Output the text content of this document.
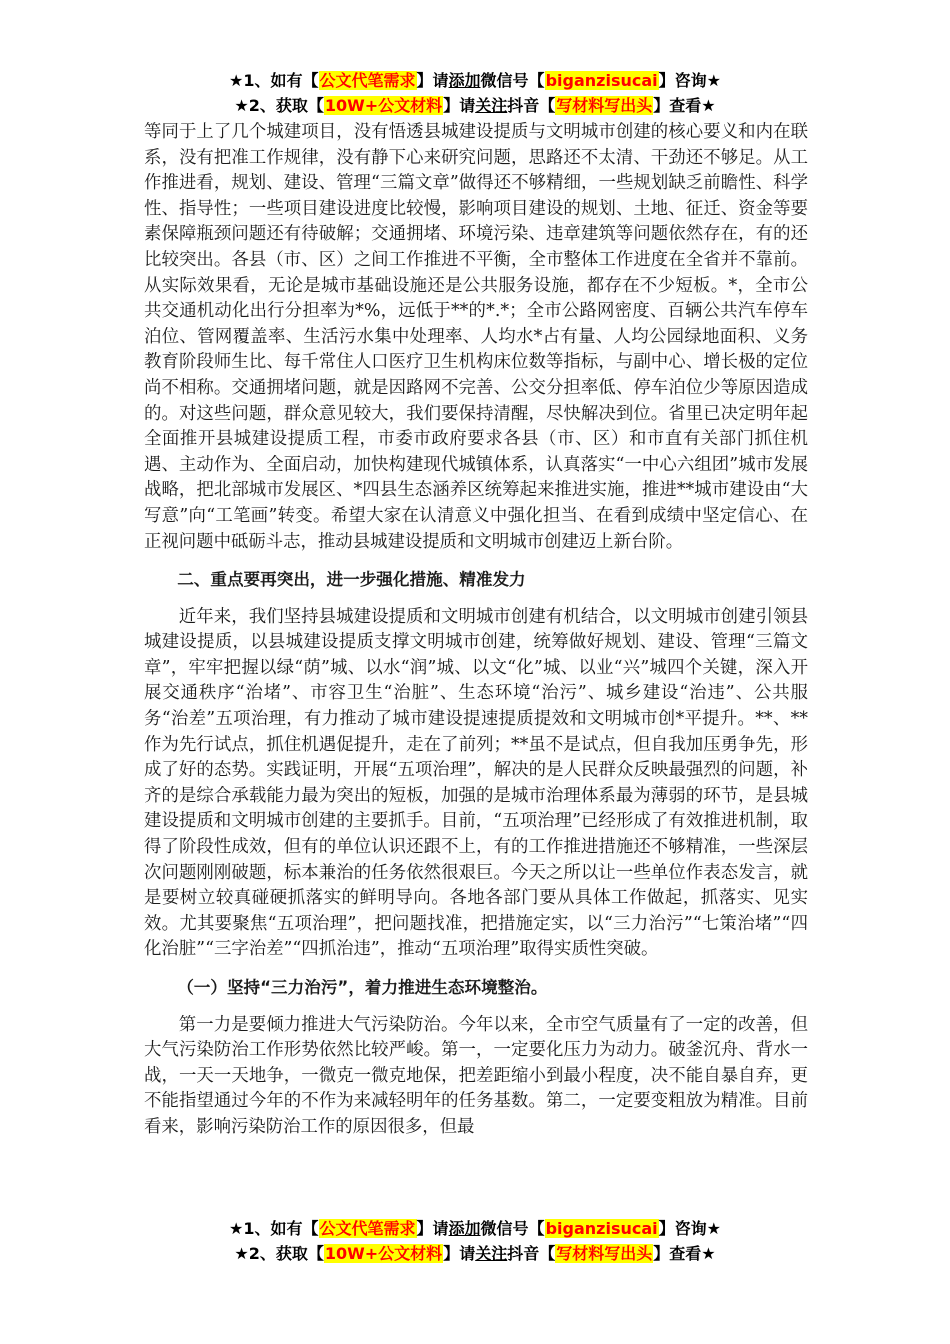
★1、如有【公文代笔需求】请添加微信号【biganzisucai】咨询★
★2、获取【10W+公文材料】请关注抖音【写材料写出头】查看★

等同于上了几个城建项目，没有悟透县城建设提质与文明城市创建的核心要义和内在联系，没有把准工作规律，没有静下心来研究问题，思路还不太清、干劲还不够足。从工作推进看，规划、建设、管理“三篇文章”做得还不够精细，一些规划缺乏前瞻性、科学性、指导性；一些项目建设进度比较慢，影响项目建设的规划、土地、征迁、资金等要素保障瓶颈问题还有待破解；交通拥堵、环境污染、违章建筑等问题依然存在，有的还比较突出。各县（市、区）之间工作推进不平衡，全市整体工作进度在全省并不靠前。从实际效果看，无论是城市基础设施还是公共服务设施，都存在不少短板。*，全市公共交通机动化出行分担率为*%，远低于**的*.*；全市公路网密度、百辆公共汽车停车泊位、管网覆盖率、生活污水集中处理率、人均水*占有量、人均公园绿地面积、义务教育阶段师生比、每千常住人口医疗卫生机构床位数等指标，与副中心、增长极的定位尚不相称。交通拥堵问题，就是因路网不完善、公交分担率低、停车泊位少等原因造成的。对这些问题，群众意见较大，我们要保持清醒，尽快解决到位。省里已决定明年起全面推开县城建设提质工程，市委市政府要求各县（市、区）和市直有关部门抓住机遇、主动作为、全面启动，加快构建现代城镇体系，认真落实“一中心六组团”城市发展战略，把北部城市发展区、*四县生态涵养区统筹起来推进实施，推进**城市建设由“大写意”向“工笔画”转变。希望大家在认清意义中强化担当、在看到成绩中坚定信心、在正视问题中砥砺斗志，推动县城建设提质和文明城市创建迈上新台阶。

二、重点要再突出，进一步强化措施、精准发力

近年来，我们坚持县城建设提质和文明城市创建有机结合，以文明城市创建引领县城建设提质，以县城建设提质支撑文明城市创建，统筹做好规划、建设、管理“三篇文章”，牢牢把握以绿“荫”城、以水“润”城、以文“化”城、以业“兴”城四个关键，深入开展交通秩序“治堵”、市容卫生“治脏”、生态环境“治污”、城乡建设“治违”、公共服务“治差”五项治理，有力推动了城市建设提速提质提效和文明城市创*平提升。**、**作为先行试点，抓住机遇促提升，走在了前列；**虽不是试点，但自我加压勇争先，形成了好的态势。实践证明，开展“五项治理”，解决的是人民群众反映最强烈的问题，补齐的是综合承载能力最为突出的短板，加强的是城市治理体系最为薄弱的环节，是县城建设提质和文明城市创建的主要抓手。目前，“五项治理”已经形成了有效推进机制，取得了阶段性成效，但有的单位认识还跟不上，有的工作推进措施还不够精准，一些深层次问题刚刚破题，标本兼治的任务依然很艰巨。今天之所以让一些单位作表态发言，就是要树立较真碰硬抓落实的鲜明导向。各地各部门要从具体工作做起，抓落实、见实效。尤其要聚焦“五项治理”，把问题找准，把措施定实，以“三力治污”“七策治堵”“四化治脏”“三字治差”“四抓治违”，推动“五项治理”取得实质性突破。

（一）坚持“三力治污”，着力推进生态环境整治。

第一力是要倾力推进大气污染防治。今年以来，全市空气质量有了一定的改善，但大气污染防治工作形势依然比较严峻。第一，一定要化压力为动力。破釜沉舟、背水一战，一天一天地争，一微克一微克地保，把差距缩小到最小程度，决不能自暴自弃，更不能指望通过今年的不作为来减轻明年的任务基数。第二，一定要变粗放为精准。目前看来，影响污染防治工作的原因很多，但最

★1、如有【公文代笔需求】请添加微信号【biganzisucai】咨询★
★2、获取【10W+公文材料】请关注抖音【写材料写出头】查看★
